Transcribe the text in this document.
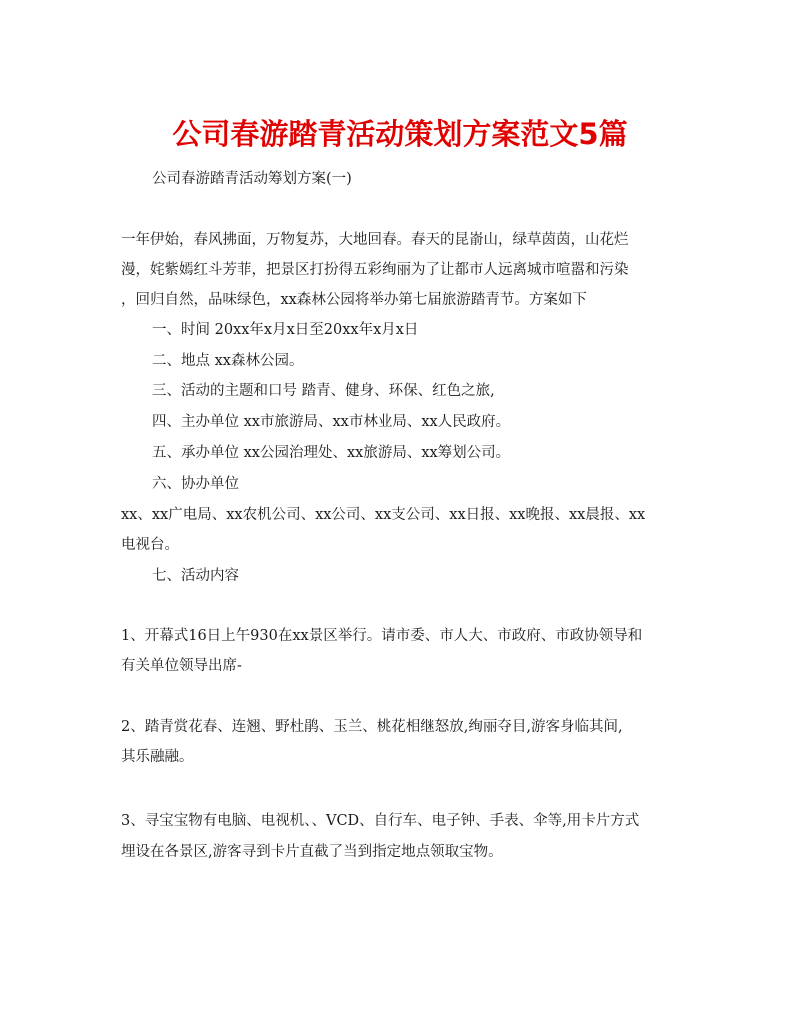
公司春游踏青活动策划方案范文5篇
公司春游踏青活动筹划方案(一)
一年伊始，春风拂面，万物复苏，大地回春。春天的昆嵛山，绿草茵茵，山花烂
漫，姹紫嫣红斗芳菲，把景区打扮得五彩绚丽为了让都市人远离城市喧嚣和污染
，回归自然，品味绿色，xx森林公园将举办第七届旅游踏青节。方案如下
一、时间 20xx年x月x日至20xx年x月x日
二、地点 xx森林公园。
三、活动的主题和口号 踏青、健身、环保、红色之旅,
四、主办单位 xx市旅游局、xx市林业局、xx人民政府。
五、承办单位 xx公园治理处、xx旅游局、xx筹划公司。
六、协办单位
xx、xx广电局、xx农机公司、xx公司、xx支公司、xx日报、xx晚报、xx晨报、xx
电视台。
七、活动内容
1、开幕式16日上午930在xx景区举行。请市委、市人大、市政府、市政协领导和
有关单位领导出席-
2、踏青赏花春、连翘、野杜鹃、玉兰、桃花相继怒放,绚丽夺目,游客身临其间,
其乐融融。
3、寻宝宝物有电脑、电视机、、VCD、自行车、电子钟、手表、伞等,用卡片方式
埋设在各景区,游客寻到卡片直截了当到指定地点领取宝物。
